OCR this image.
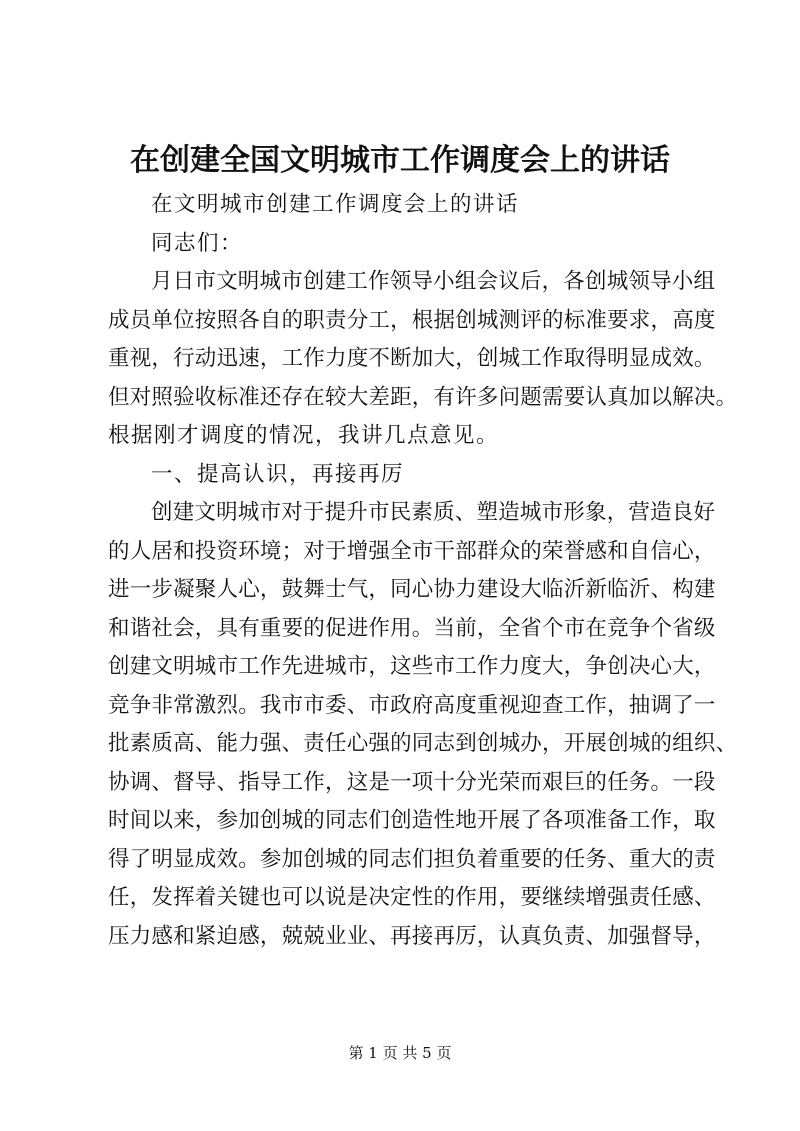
在创建全国文明城市工作调度会上的讲话
在文明城市创建工作调度会上的讲话
同志们：
月日市文明城市创建工作领导小组会议后，各创城领导小组
成员单位按照各自的职责分工，根据创城测评的标准要求，高度
重视，行动迅速，工作力度不断加大，创城工作取得明显成效。
但对照验收标准还存在较大差距，有许多问题需要认真加以解决。
根据刚才调度的情况，我讲几点意见。
一、提高认识，再接再厉
创建文明城市对于提升市民素质、塑造城市形象，营造良好
的人居和投资环境；对于增强全市干部群众的荣誉感和自信心，
进一步凝聚人心，鼓舞士气，同心协力建设大临沂新临沂、构建
和谐社会，具有重要的促进作用。当前，全省个市在竞争个省级
创建文明城市工作先进城市，这些市工作力度大，争创决心大，
竞争非常激烈。我市市委、市政府高度重视迎查工作，抽调了一
批素质高、能力强、责任心强的同志到创城办，开展创城的组织、
协调、督导、指导工作，这是一项十分光荣而艰巨的任务。一段
时间以来，参加创城的同志们创造性地开展了各项准备工作，取
得了明显成效。参加创城的同志们担负着重要的任务、重大的责
任，发挥着关键也可以说是决定性的作用，要继续增强责任感、
压力感和紧迫感，兢兢业业、再接再厉，认真负责、加强督导，
第 1 页 共 5 页
